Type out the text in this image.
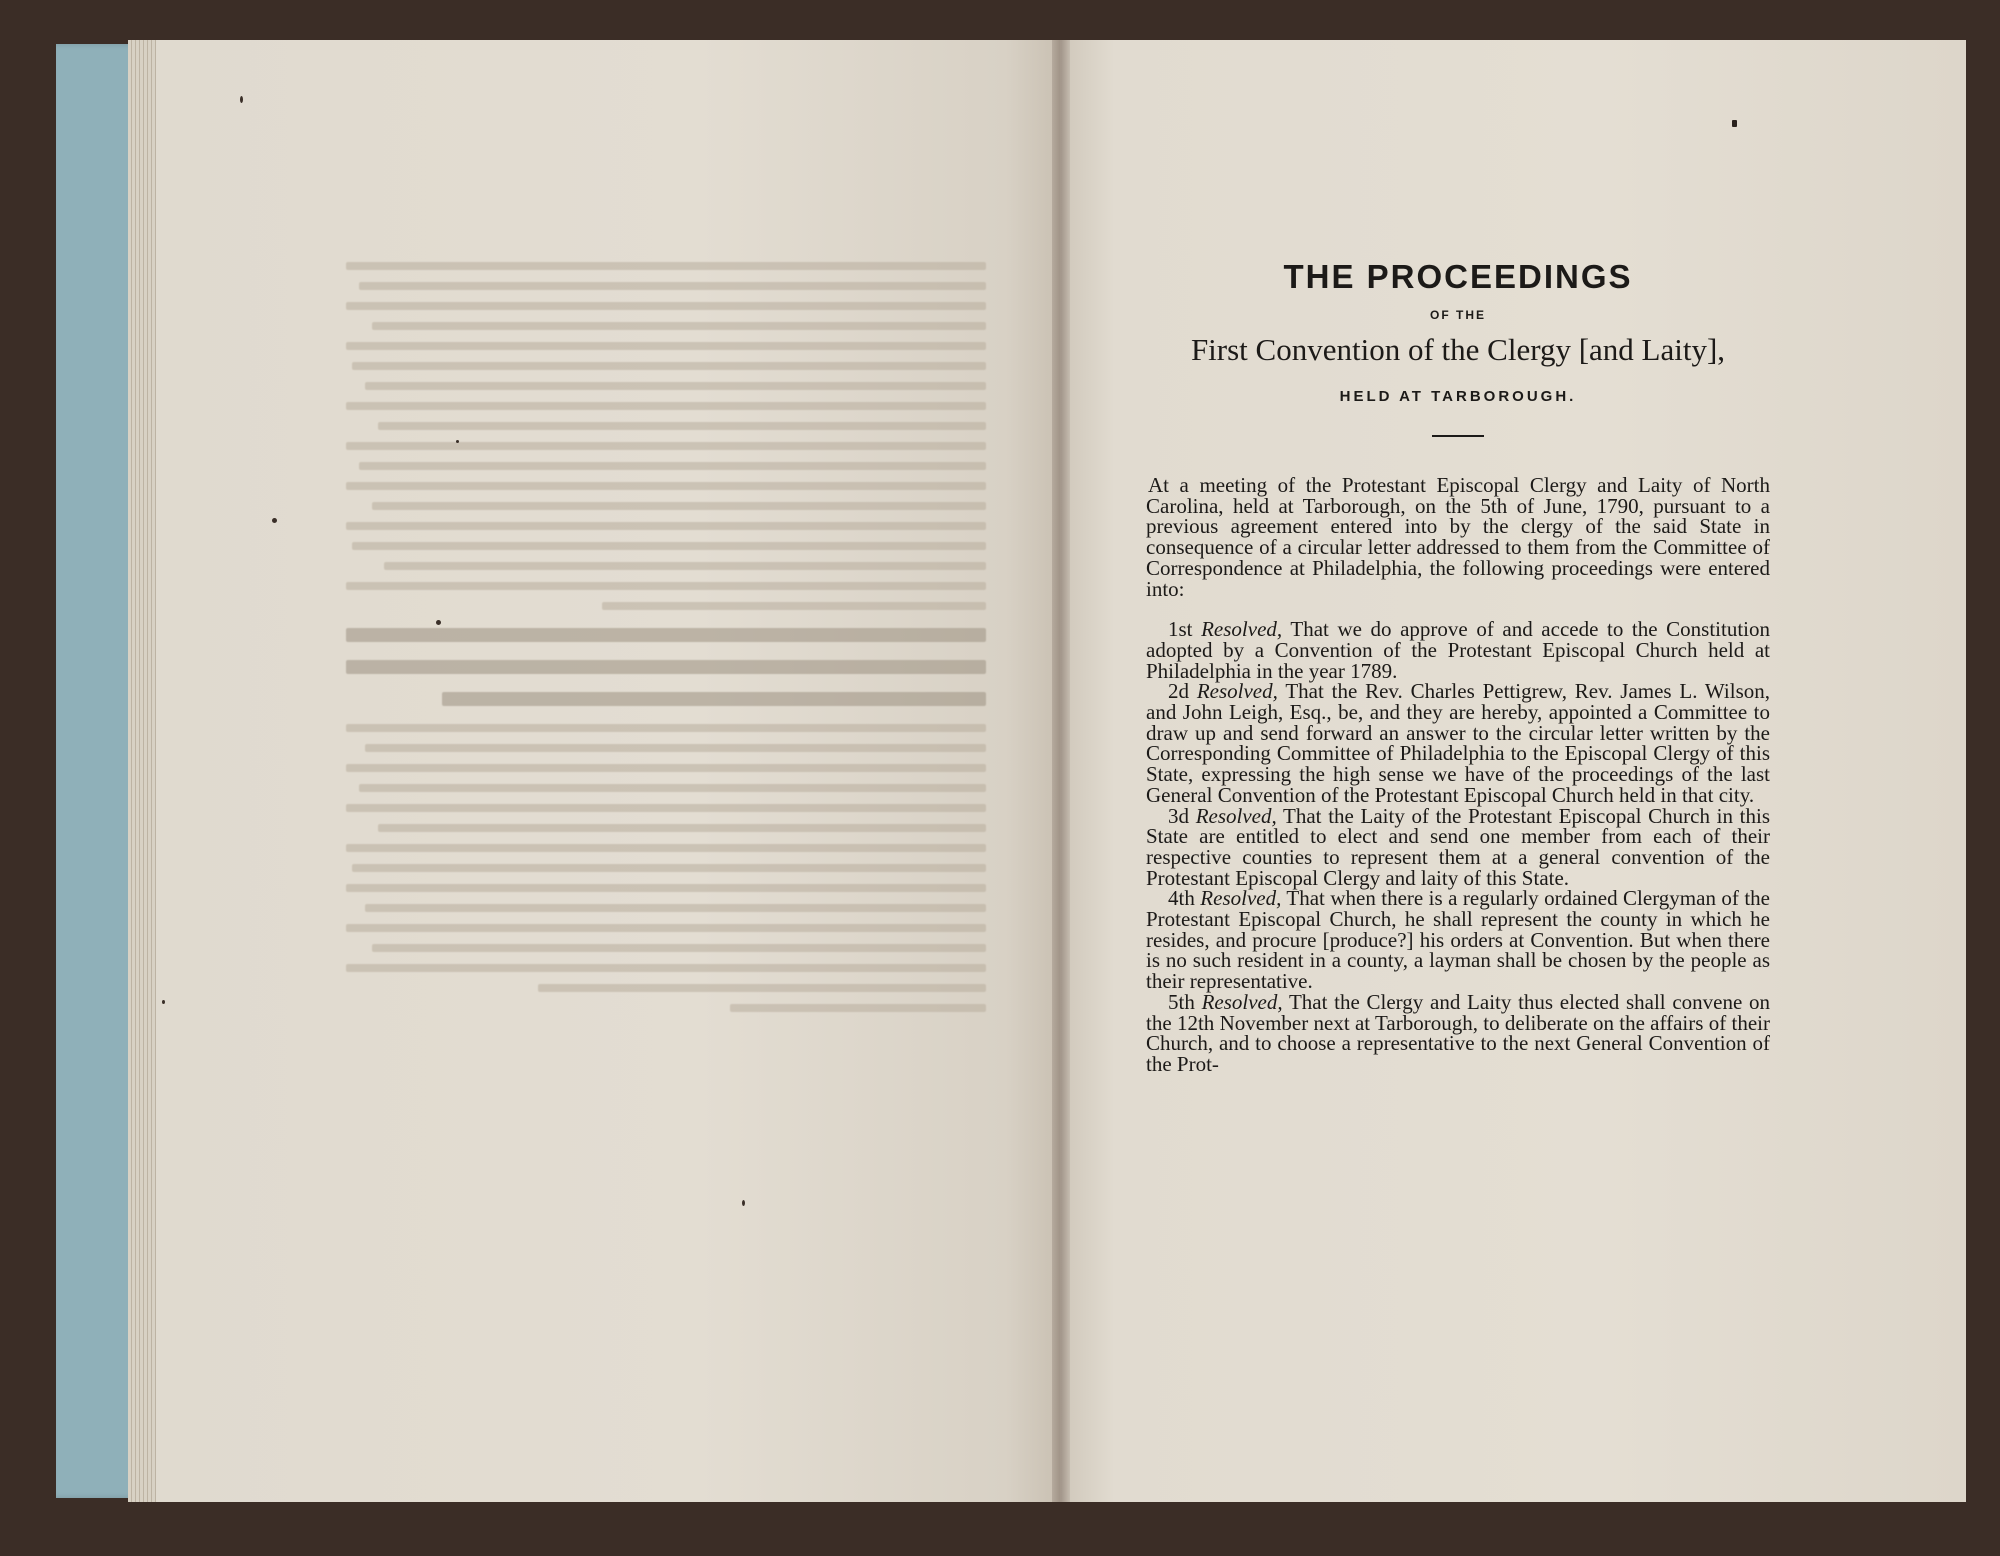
THE PROCEEDINGS
OF THE
First Convention of the Clergy [and Laity],
HELD AT TARBOROUGH.

At a meeting of the Protestant Episcopal Clergy and Laity of North Carolina, held at Tarborough, on the 5th of June, 1790, pursuant to a previous agreement entered into by the clergy of the said State in consequence of a circular letter addressed to them from the Committee of Correspondence at Philadelphia, the following proceedings were entered into:

1st Resolved, That we do approve of and accede to the Constitution adopted by a Convention of the Protestant Episcopal Church held at Philadelphia in the year 1789.

2d Resolved, That the Rev. Charles Pettigrew, Rev. James L. Wilson, and John Leigh, Esq., be, and they are hereby, appointed a Committee to draw up and send forward an answer to the circular letter written by the Corresponding Committee of Philadelphia to the Episcopal Clergy of this State, expressing the high sense we have of the proceedings of the last General Convention of the Protestant Episcopal Church held in that city.

3d Resolved, That the Laity of the Protestant Episcopal Church in this State are entitled to elect and send one member from each of their respective counties to represent them at a general convention of the Protestant Episcopal Clergy and laity of this State.

4th Resolved, That when there is a regularly ordained Clergyman of the Protestant Episcopal Church, he shall represent the county in which he resides, and procure [produce?] his orders at Convention. But when there is no such resident in a county, a layman shall be chosen by the people as their representative.

5th Resolved, That the Clergy and Laity thus elected shall convene on the 12th November next at Tarborough, to deliberate on the affairs of their Church, and to choose a representative to the next General Convention of the Prot-
